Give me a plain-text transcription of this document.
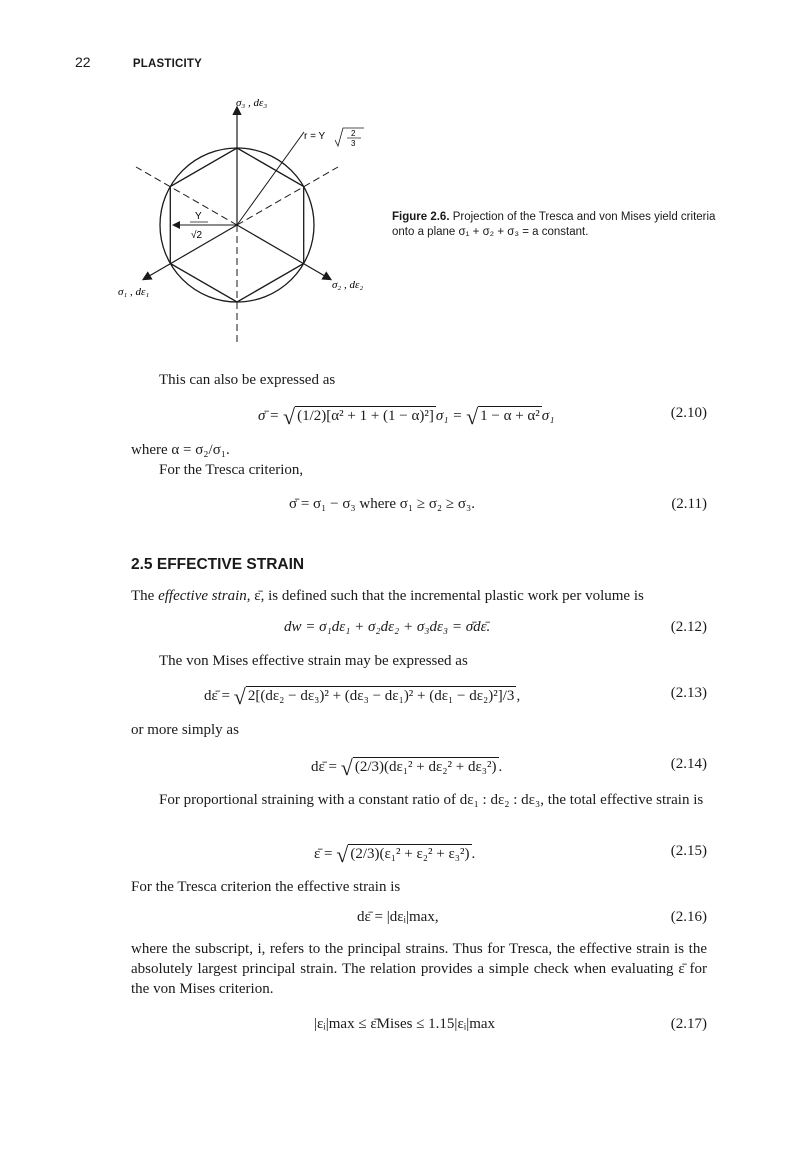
22	PLASTICITY
σ₃ , dε₃
σ₁ , dε₁
σ₂ , dε₂
r = Y	2
3
Y
√2
Figure 2.6. Projection of the Tresca and von Mises yield criteria onto a plane σ₁ + σ₂ + σ₃ = a constant.
This can also be expressed as
σ̄ = √ (1/2)[α² + 1 + (1 − α)²] σ₁ = √ 1 − α + α² σ₁	(2.10)
where α = σ₂/σ₁.
For the Tresca criterion,
σ̄ = σ₁ − σ₃ where σ₁ ≥ σ₂ ≥ σ₃.	(2.11)
2.5 EFFECTIVE STRAIN
The effective strain, ε̄, is defined such that the incremental plastic work per volume is
dw = σ₁dε₁ + σ₂dε₂ + σ₃dε₃ = σ̄dε̄.	(2.12)
The von Mises effective strain may be expressed as
dε̄ = √ 2[(dε₂ − dε₃)² + (dε₃ − dε₁)² + (dε₁ − dε₂)²]/3 ,	(2.13)
or more simply as
dε̄ = √ (2/3)(dε₁² + dε₂² + dε₃²) .	(2.14)
For proportional straining with a constant ratio of dε₁ : dε₂ : dε₃, the total effective strain is
ε̄ = √ (2/3)(ε₁² + ε₂² + ε₃²) .	(2.15)
For the Tresca criterion the effective strain is
dε̄ = |dεᵢ|max,	(2.16)
where the subscript, i, refers to the principal strains. Thus for Tresca, the effective strain is the absolutely largest principal strain. The relation provides a simple check when evaluating ε̄ for the von Mises criterion.
|εᵢ|max ≤ ε̄Mises ≤ 1.15|εᵢ|max	(2.17)
